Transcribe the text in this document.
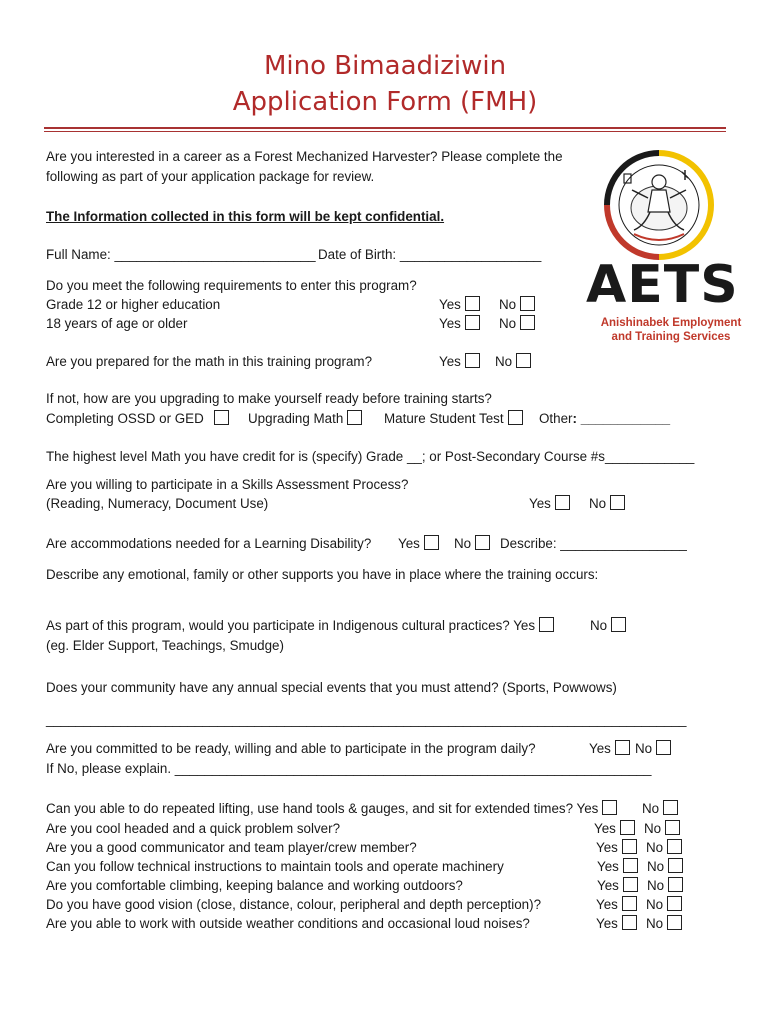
Mino Bimaadiziwin
Application Form (FMH)
AETS
Anishinabek Employment
and Training Services
Are you interested in a career as a Forest Mechanized Harvester? Please complete the
following as part of your application package for review.
The Information collected in this form will be kept confidential.
Full Name: ___________________________ Date of Birth: ___________________
Do you meet the following requirements to enter this program?
Grade 12 or higher education	Yes	No
18 years of age or older	Yes	No
Are you prepared for the math in this training program?	Yes	No
If not, how are you upgrading to make yourself ready before training starts?
Completing OSSD or GED	Upgrading Math	Mature Student Test	Other: ____________
The highest level Math you have credit for is (specify) Grade __; or Post-Secondary Course #s____________
Are you willing to participate in a Skills Assessment Process?
(Reading, Numeracy, Document Use)	Yes	No
Are accommodations needed for a Learning Disability? Yes	No	Describe: _________________
Describe any emotional, family or other supports you have in place where the training occurs:
As part of this program, would you participate in Indigenous cultural practices? Yes	No
(eg. Elder Support, Teachings, Smudge)
Does your community have any annual special events that you must attend? (Sports, Powwows)
______________________________________________________________________________________
Are you committed to be ready, willing and able to participate in the program daily?	Yes	No
If No, please explain. ________________________________________________________________
Can you able to do repeated lifting, use hand tools & gauges, and sit for extended times? Yes	No
Are you cool headed and a quick problem solver?	Yes	No
Are you a good communicator and team player/crew member?	Yes	No
Can you follow technical instructions to maintain tools and operate machinery	Yes	No
Are you comfortable climbing, keeping balance and working outdoors?	Yes	No
Do you have good vision (close, distance, colour, peripheral and depth perception)?	Yes	No
Are you able to work with outside weather conditions and occasional loud noises?	Yes	No
